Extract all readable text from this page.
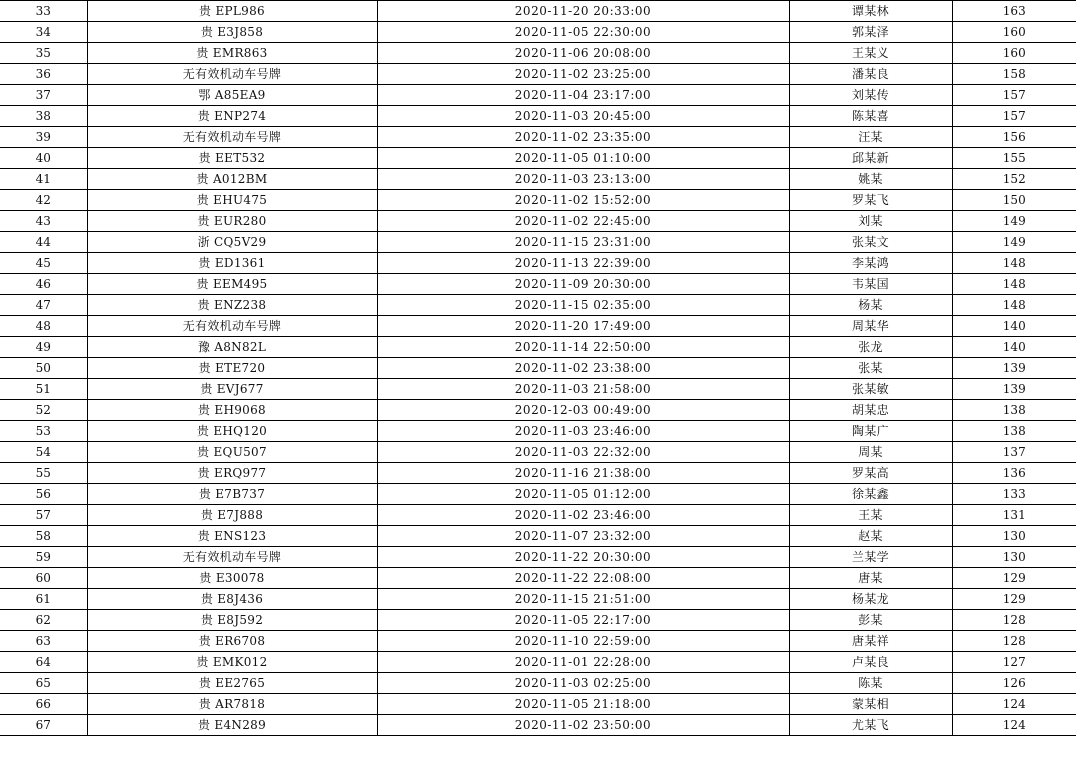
33	贵 EPL986	2020-11-20 20:33:00	谭某林	163
34	贵 E3J858	2020-11-05 22:30:00	郭某泽	160
35	贵 EMR863	2020-11-06 20:08:00	王某义	160
36	无有效机动车号牌	2020-11-02 23:25:00	潘某良	158
37	鄂 A85EA9	2020-11-04 23:17:00	刘某传	157
38	贵 ENP274	2020-11-03 20:45:00	陈某喜	157
39	无有效机动车号牌	2020-11-02 23:35:00	汪某	156
40	贵 EET532	2020-11-05 01:10:00	邱某新	155
41	贵 A012BM	2020-11-03 23:13:00	姚某	152
42	贵 EHU475	2020-11-02 15:52:00	罗某飞	150
43	贵 EUR280	2020-11-02 22:45:00	刘某	149
44	浙 CQ5V29	2020-11-15 23:31:00	张某文	149
45	贵 ED1361	2020-11-13 22:39:00	李某鸿	148
46	贵 EEM495	2020-11-09 20:30:00	韦某国	148
47	贵 ENZ238	2020-11-15 02:35:00	杨某	148
48	无有效机动车号牌	2020-11-20 17:49:00	周某华	140
49	豫 A8N82L	2020-11-14 22:50:00	张龙	140
50	贵 ETE720	2020-11-02 23:38:00	张某	139
51	贵 EVJ677	2020-11-03 21:58:00	张某敏	139
52	贵 EH9068	2020-12-03 00:49:00	胡某忠	138
53	贵 EHQ120	2020-11-03 23:46:00	陶某广	138
54	贵 EQU507	2020-11-03 22:32:00	周某	137
55	贵 ERQ977	2020-11-16 21:38:00	罗某高	136
56	贵 E7B737	2020-11-05 01:12:00	徐某鑫	133
57	贵 E7J888	2020-11-02 23:46:00	王某	131
58	贵 ENS123	2020-11-07 23:32:00	赵某	130
59	无有效机动车号牌	2020-11-22 20:30:00	兰某学	130
60	贵 E30078	2020-11-22 22:08:00	唐某	129
61	贵 E8J436	2020-11-15 21:51:00	杨某龙	129
62	贵 E8J592	2020-11-05 22:17:00	彭某	128
63	贵 ER6708	2020-11-10 22:59:00	唐某祥	128
64	贵 EMK012	2020-11-01 22:28:00	卢某良	127
65	贵 EE2765	2020-11-03 02:25:00	陈某	126
66	贵 AR7818	2020-11-05 21:18:00	蒙某相	124
67	贵 E4N289	2020-11-02 23:50:00	尤某飞	124
